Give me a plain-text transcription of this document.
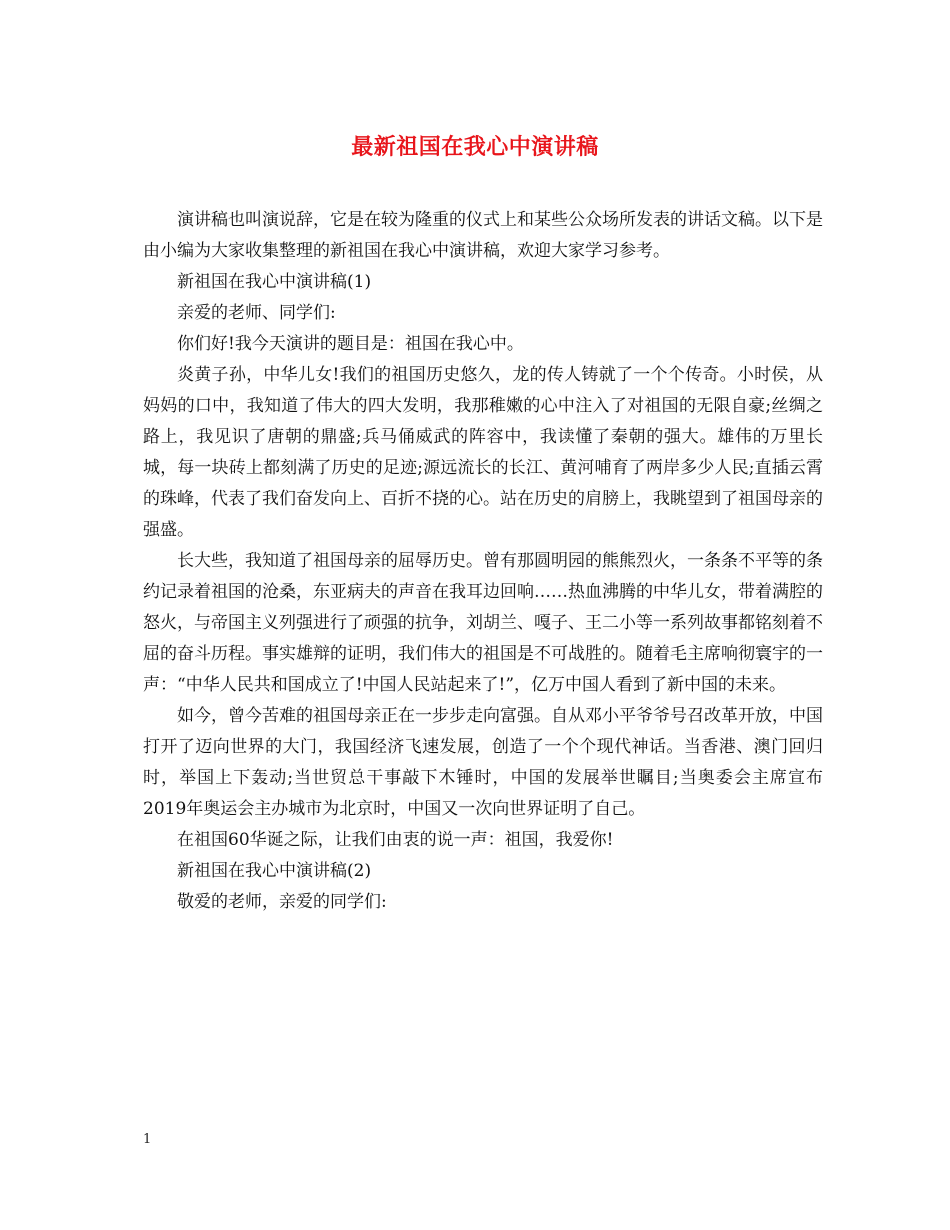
最新祖国在我心中演讲稿

演讲稿也叫演说辞，它是在较为隆重的仪式上和某些公众场所发表的讲话文稿。以下是由小编为大家收集整理的新祖国在我心中演讲稿，欢迎大家学习参考。

新祖国在我心中演讲稿(1)

亲爱的老师、同学们:

你们好!我今天演讲的题目是：祖国在我心中。

炎黄子孙，中华儿女!我们的祖国历史悠久，龙的传人铸就了一个个传奇。小时侯，从妈妈的口中，我知道了伟大的四大发明，我那稚嫩的心中注入了对祖国的无限自豪;丝绸之路上，我见识了唐朝的鼎盛;兵马俑威武的阵容中，我读懂了秦朝的强大。雄伟的万里长城，每一块砖上都刻满了历史的足迹;源远流长的长江、黄河哺育了两岸多少人民;直插云霄的珠峰，代表了我们奋发向上、百折不挠的心。站在历史的肩膀上，我眺望到了祖国母亲的强盛。

长大些，我知道了祖国母亲的屈辱历史。曾有那圆明园的熊熊烈火，一条条不平等的条约记录着祖国的沧桑，东亚病夫的声音在我耳边回响……热血沸腾的中华儿女，带着满腔的怒火，与帝国主义列强进行了顽强的抗争，刘胡兰、嘎子、王二小等一系列故事都铭刻着不屈的奋斗历程。事实雄辩的证明，我们伟大的祖国是不可战胜的。随着毛主席响彻寰宇的一声：“中华人民共和国成立了!中国人民站起来了!”，亿万中国人看到了新中国的未来。

如今，曾今苦难的祖国母亲正在一步步走向富强。自从邓小平爷爷号召改革开放，中国打开了迈向世界的大门，我国经济飞速发展，创造了一个个现代神话。当香港、澳门回归时，举国上下轰动;当世贸总干事敲下木锤时，中国的发展举世瞩目;当奥委会主席宣布2019年奥运会主办城市为北京时，中国又一次向世界证明了自己。

在祖国60华诞之际，让我们由衷的说一声：祖国，我爱你!

新祖国在我心中演讲稿(2)

敬爱的老师，亲爱的同学们:

1
